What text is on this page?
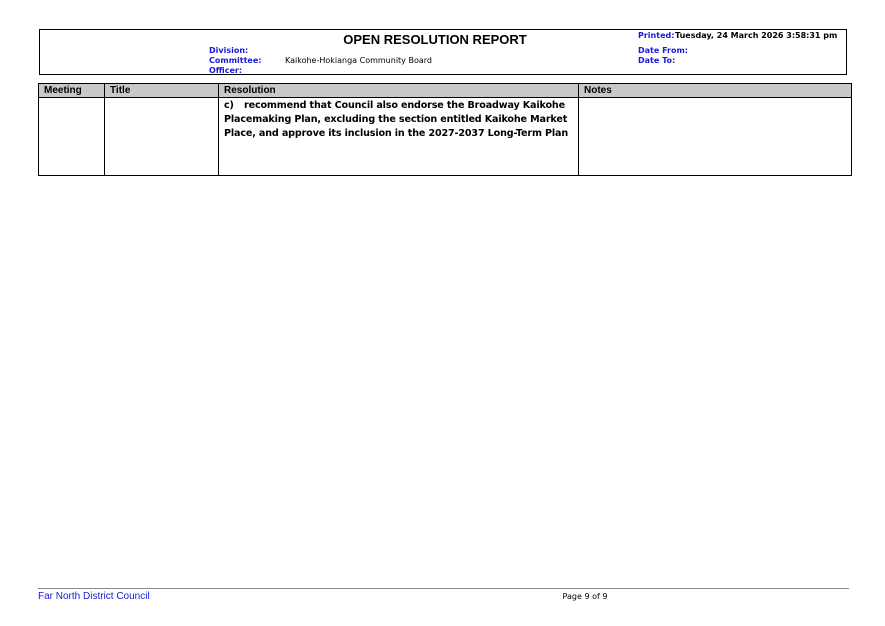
OPEN RESOLUTION REPORT
Division:
Committee:	Kaikohe-Hokianga Community Board
Officer:
Printed: Tuesday, 24 March 2026 3:58:31 pm
Date From:
Date To:
Meeting	Title	Resolution	Notes

		c) recommend that Council also endorse the Broadway Kaikohe Placemaking Plan, excluding the section entitled Kaikohe Market Place, and approve its inclusion in the 2027-2037 Long-Term Plan	

Far North District Council	Page 9 of 9
